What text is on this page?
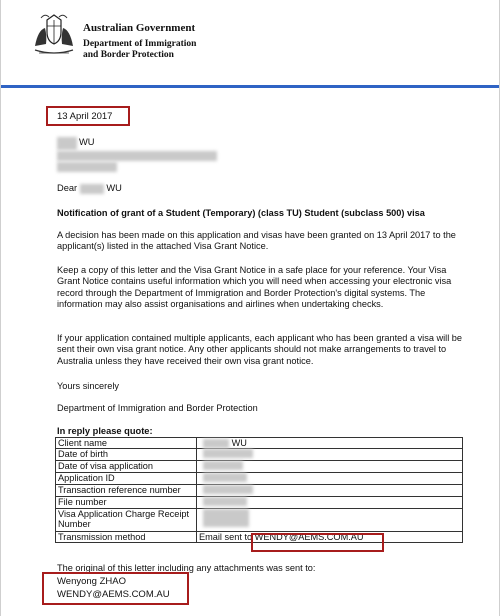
Australian Government
Department of Immigration
and Border Protection
13 April 2017
WU
Dear	WU
Notification of grant of a Student (Temporary) (class TU) Student (subclass 500) visa
A decision has been made on this application and visas have been granted on 13 April 2017 to the applicant(s) listed in the attached Visa Grant Notice.
Keep a copy of this letter and the Visa Grant Notice in a safe place for your reference. Your Visa Grant Notice contains useful information which you will need when accessing your electronic visa record through the Department of Immigration and Border Protection's digital systems. The information may also assist organisations and airlines when undertaking checks.
If your application contained multiple applicants, each applicant who has been granted a visa will be sent their own visa grant notice. Any other applicants should not make arrangements to travel to Australia unless they have received their own visa grant notice.
Yours sincerely
Department of Immigration and Border Protection
In reply please quote:
Client name	WU
Date of birth	
Date of visa application	
Application ID	
Transaction reference number	
File number	
Visa Application Charge Receipt Number	
Transmission method	Email sent to WENDY@AEMS.COM.AU
The original of this letter including any attachments was sent to:
Wenyong ZHAO
WENDY@AEMS.COM.AU
